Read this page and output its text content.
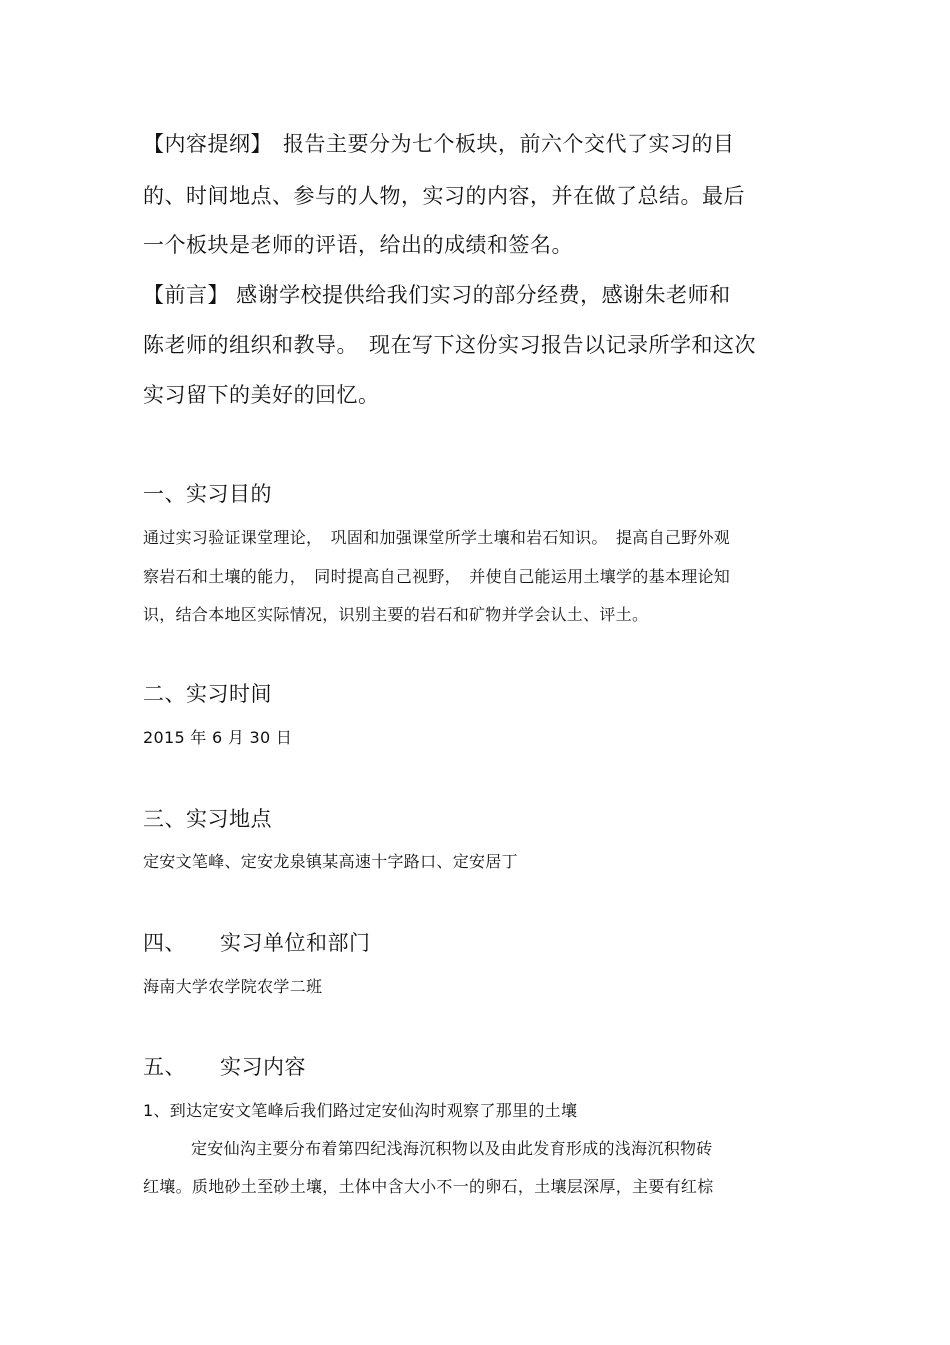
【内容提纲】　报告主要分为七个板块，前六个交代了实习的目

的、时间地点、参与的人物，实习的内容，并在做了总结。最后

一个板块是老师的评语，给出的成绩和签名。

【前言】 感谢学校提供给我们实习的部分经费，感谢朱老师和

陈老师的组织和教导。　现在写下这份实习报告以记录所学和这次

实习留下的美好的回忆。

一、实习目的

通过实习验证课堂理论，　巩固和加强课堂所学土壤和岩石知识。　提高自己野外观

察岩石和土壤的能力，　同时提高自己视野，　并使自己能运用土壤学的基本理论知

识，结合本地区实际情况，识别主要的岩石和矿物并学会认土、评土。

二、实习时间

2015 年 6 月 30 日

三、实习地点

定安文笔峰、定安龙泉镇某高速十字路口、定安居丁

四、 实习单位和部门

海南大学农学院农学二班

五、 实习内容

1、到达定安文笔峰后我们路过定安仙沟时观察了那里的土壤

定安仙沟主要分布着第四纪浅海沉积物以及由此发育形成的浅海沉积物砖

红壤。质地砂土至砂土壤，土体中含大小不一的卵石，土壤层深厚，主要有红棕
